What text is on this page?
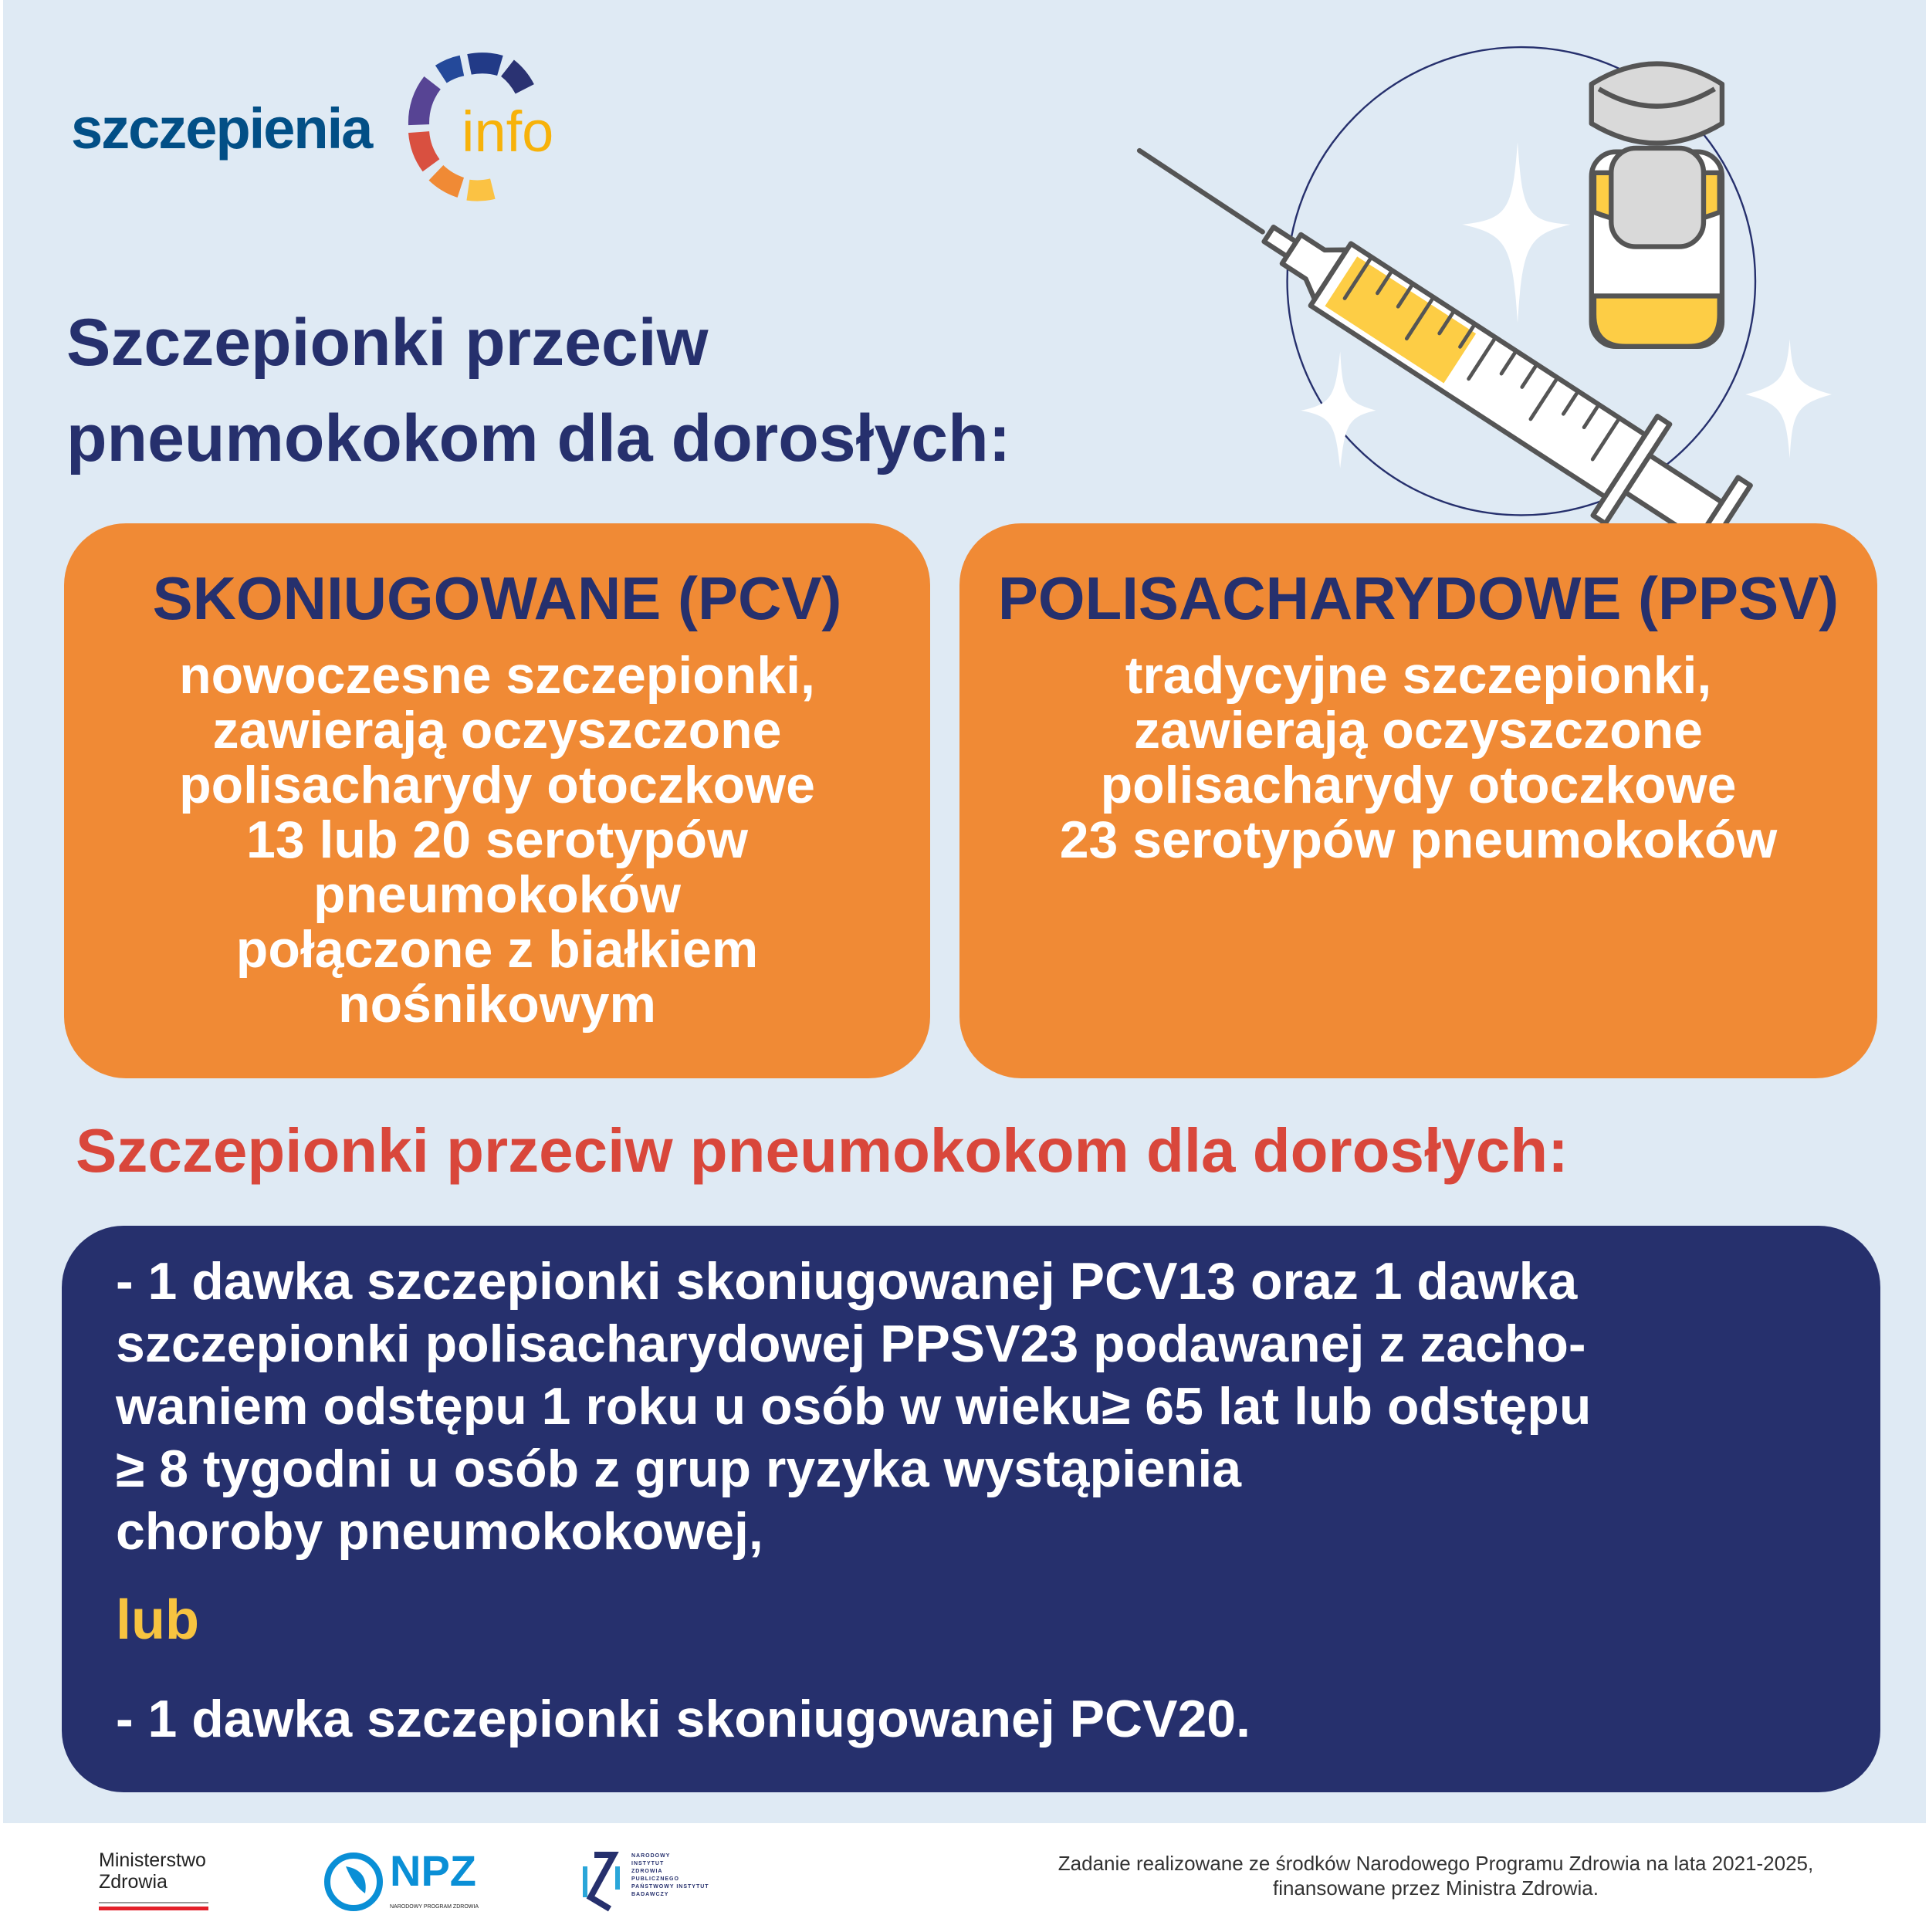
szczepienia info
Szczepionki przeciw
pneumokokom dla dorosłych:
SKONIUGOWANE (PCV)
nowoczesne szczepionki,
zawierają oczyszczone
polisacharydy otoczkowe
13 lub 20 serotypów
pneumokoków
połączone z białkiem
nośnikowym
POLISACHARYDOWE (PPSV)
tradycyjne szczepionki,
zawierają oczyszczone
polisacharydy otoczkowe
23 serotypów pneumokoków
Szczepionki przeciw pneumokokom dla dorosłych:
- 1 dawka szczepionki skoniugowanej PCV13 oraz 1 dawka
szczepionki polisacharydowej PPSV23 podawanej z zacho-
waniem odstępu 1 roku u osób w wieku≥ 65 lat lub odstępu
≥ 8 tygodni u osób z grup ryzyka wystąpienia
choroby pneumokokowej,
lub
- 1 dawka szczepionki skoniugowanej PCV20.
Ministerstwo
Zdrowia	NPZ
NARODOWY PROGRAM ZDROWIA
NARODOWY
INSTYTUT
ZDROWIA
PUBLICZNEGO
PAŃSTWOWY INSTYTUT
BADAWCZY
Zadanie realizowane ze środków Narodowego Programu Zdrowia na lata 2021-2025,
finansowane przez Ministra Zdrowia.
